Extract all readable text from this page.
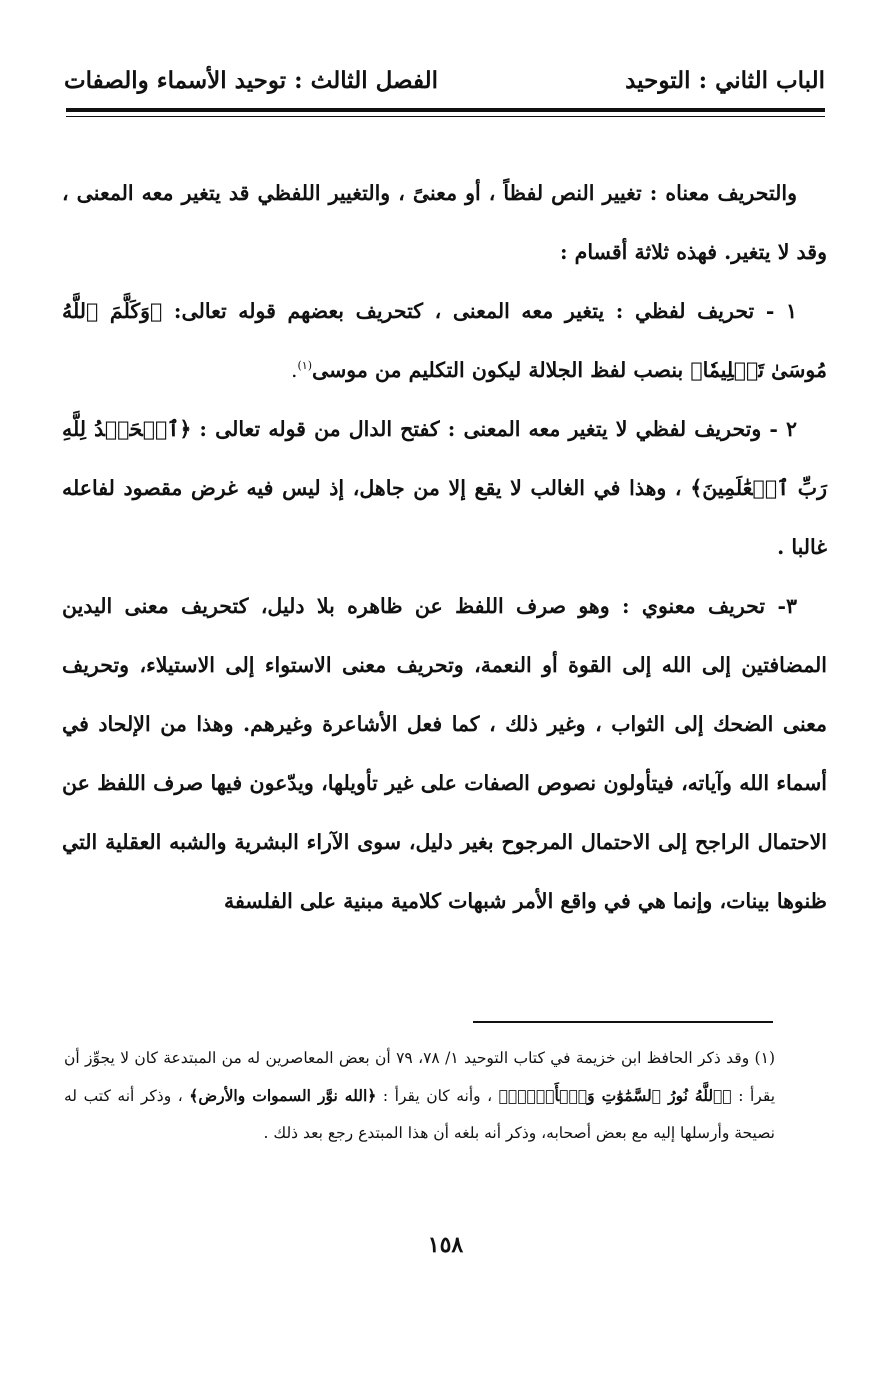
الباب الثاني : التوحيد
الفصل الثالث : توحيد الأسماء والصفات

والتحريف معناه : تغيير النص لفظاً ، أو معنىً ، والتغيير اللفظي قد يتغير معه المعنى ، وقد لا يتغير. فهذه ثلاثة أقسام :

١ - تحريف لفظي : يتغير معه المعنى ، كتحريف بعضهم قوله تعالى: ﴿وَكَلَّمَ ٱللَّهُ مُوسَىٰ تَكۡلِيمٗا﴾ بنصب لفظ الجلالة ليكون التكليم من موسى$^{(١)}$.

٢ - وتحريف لفظي لا يتغير معه المعنى : كفتح الدال من قوله تعالى : ﴿ٱلۡحَمۡدُ لِلَّهِ رَبِّ ٱلۡعَٰلَمِينَ﴾ ، وهذا في الغالب لا يقع إلا من جاهل، إذ ليس فيه غرض مقصود لفاعله غالبا .

٣- تحريف معنوي : وهو صرف اللفظ عن ظاهره بلا دليل، كتحريف معنى اليدين المضافتين إلى الله إلى القوة أو النعمة، وتحريف معنى الاستواء إلى الاستيلاء، وتحريف معنى الضحك إلى الثواب ، وغير ذلك ، كما فعل الأشاعرة وغيرهم. وهذا من الإلحاد في أسماء الله وآياته، فيتأولون نصوص الصفات على غير تأويلها، ويدّعون فيها صرف اللفظ عن الاحتمال الراجح إلى الاحتمال المرجوح بغير دليل، سوى الآراء البشرية والشبه العقلية التي ظنوها بينات، وإنما هي في واقع الأمر شبهات كلامية مبنية على الفلسفة

(١) وقد ذكر الحافظ ابن خزيمة في كتاب التوحيد ١/ ٧٨، ٧٩ أن بعض المعاصرين له من المبتدعة كان لا يجوِّز أن يقرأ : ﴿ٱللَّهُ نُورُ ٱلسَّمَٰوَٰتِ وَٱلۡأَرۡضِۚ﴾ ، وأنه كان يقرأ : ﴿الله نوَّر السموات والأرض﴾ ، وذكر أنه كتب له نصيحة وأرسلها إليه مع بعض أصحابه، وذكر أنه بلغه أن هذا المبتدع رجع بعد ذلك .

١٥٨
